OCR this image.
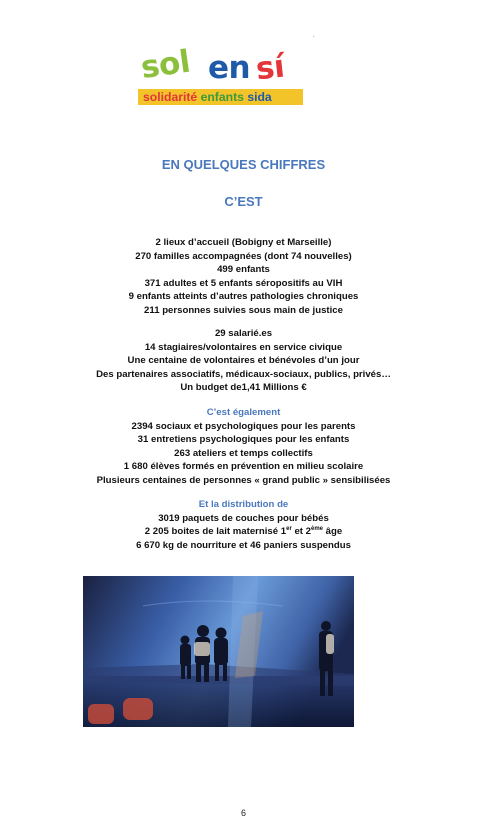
sol en sí
solidarité enfants sida
.
EN QUELQUES CHIFFRES
C’EST
2 lieux d’accueil (Bobigny et Marseille)
270 familles accompagnées (dont 74 nouvelles)
499 enfants
371 adultes et 5 enfants séropositifs au VIH
9 enfants atteints d’autres pathologies chroniques
211 personnes suivies sous main de justice
29 salarié.es
14 stagiaires/volontaires en service civique
Une centaine de volontaires et bénévoles d’un jour
Des partenaires associatifs, médicaux-sociaux, publics, privés…
Un budget de1,41 Millions €
C’est également
2394 sociaux et psychologiques pour les parents
31 entretiens psychologiques pour les enfants
263 ateliers et temps collectifs
1 680 élèves formés en prévention en milieu scolaire
Plusieurs centaines de personnes « grand public » sensibilisées
Et la distribution de
3019 paquets de couches pour bébés
2 205 boites de lait maternisé 1er et 2ème âge
6 670 kg de nourriture et 46 paniers suspendus
6
